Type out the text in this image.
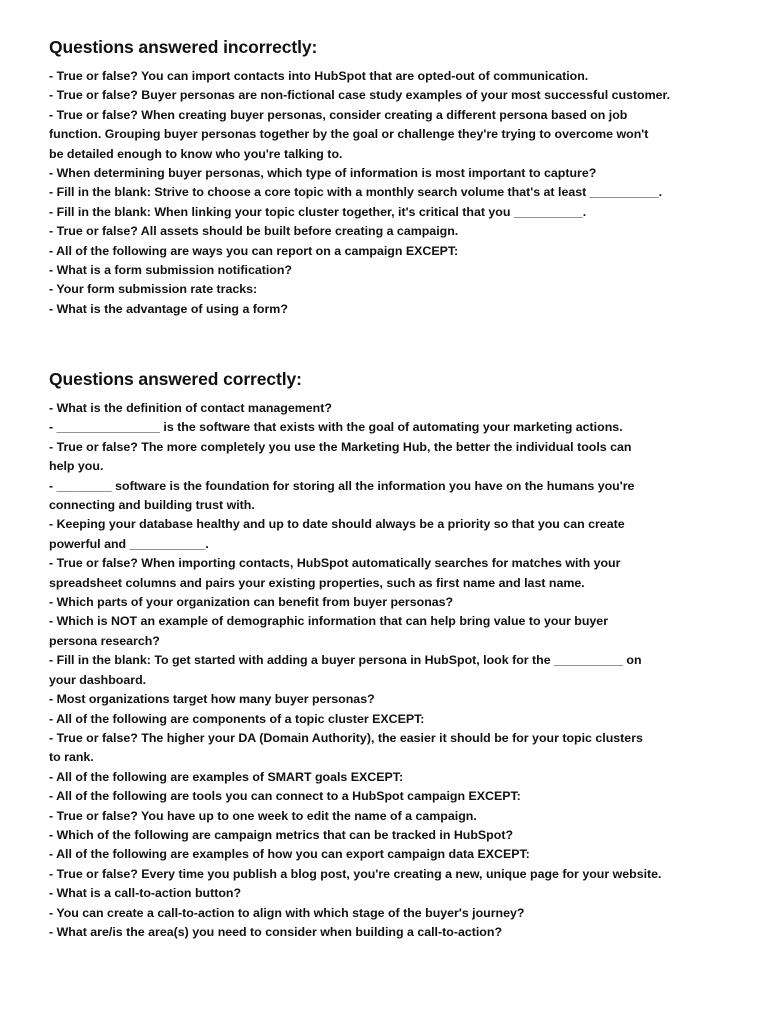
Questions answered incorrectly:
- True or false? You can import contacts into HubSpot that are opted-out of communication.
- True or false? Buyer personas are non-fictional case study examples of your most successful customer.
- True or false? When creating buyer personas, consider creating a different persona based on job
function. Grouping buyer personas together by the goal or challenge they're trying to overcome won't
be detailed enough to know who you're talking to.
- When determining buyer personas, which type of information is most important to capture?
- Fill in the blank: Strive to choose a core topic with a monthly search volume that's at least __________.
- Fill in the blank: When linking your topic cluster together, it's critical that you __________.
- True or false? All assets should be built before creating a campaign.
- All of the following are ways you can report on a campaign EXCEPT:
- What is a form submission notification?
- Your form submission rate tracks:
- What is the advantage of using a form?
Questions answered correctly:
- What is the definition of contact management?
- _______________ is the software that exists with the goal of automating your marketing actions.
- True or false? The more completely you use the Marketing Hub, the better the individual tools can
help you.
- ________ software is the foundation for storing all the information you have on the humans you're
connecting and building trust with.
- Keeping your database healthy and up to date should always be a priority so that you can create
powerful and ___________.
- True or false? When importing contacts, HubSpot automatically searches for matches with your
spreadsheet columns and pairs your existing properties, such as first name and last name.
- Which parts of your organization can benefit from buyer personas?
- Which is NOT an example of demographic information that can help bring value to your buyer
persona research?
- Fill in the blank: To get started with adding a buyer persona in HubSpot, look for the __________ on
your dashboard.
- Most organizations target how many buyer personas?
- All of the following are components of a topic cluster EXCEPT:
- True or false? The higher your DA (Domain Authority), the easier it should be for your topic clusters
to rank.
- All of the following are examples of SMART goals EXCEPT:
- All of the following are tools you can connect to a HubSpot campaign EXCEPT:
- True or false? You have up to one week to edit the name of a campaign.
- Which of the following are campaign metrics that can be tracked in HubSpot?
- All of the following are examples of how you can export campaign data EXCEPT:
- True or false? Every time you publish a blog post, you're creating a new, unique page for your website.
- What is a call-to-action button?
- You can create a call-to-action to align with which stage of the buyer's journey?
- What are/is the area(s) you need to consider when building a call-to-action?
